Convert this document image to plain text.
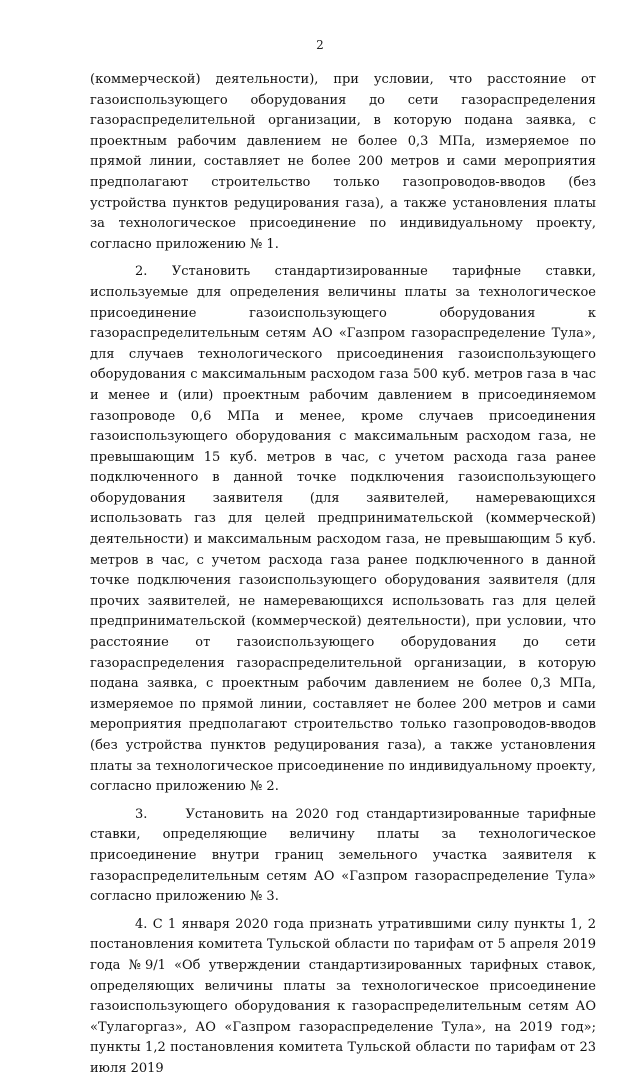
2

(коммерческой) деятельности), при условии, что расстояние от газоиспользующего оборудования до сети газораспределения газораспределительной организации, в которую подана заявка, с проектным рабочим давлением не более 0,3 МПа, измеряемое по прямой линии, составляет не более 200 метров и сами мероприятия предполагают строительство только газопроводов-вводов (без устройства пунктов редуцирования газа), а также установления платы за технологическое присоединение по индивидуальному проекту, согласно приложению № 1.

2. Установить стандартизированные тарифные ставки, используемые для определения величины платы за технологическое присоединение газоиспользующего оборудования к газораспределительным сетям АО «Газпром газораспределение Тула», для случаев технологического присоединения газоиспользующего оборудования с максимальным расходом газа 500 куб. метров газа в час и менее и (или) проектным рабочим давлением в присоединяемом газопроводе 0,6 МПа и менее, кроме случаев присоединения газоиспользующего оборудования с максимальным расходом газа, не превышающим 15 куб. метров в час, с учетом расхода газа ранее подключенного в данной точке подключения газоиспользующего оборудования заявителя (для заявителей, намеревающихся использовать газ для целей предпринимательской (коммерческой) деятельности) и максимальным расходом газа, не превышающим 5 куб. метров в час, с учетом расхода газа ранее подключенного в данной точке подключения газоиспользующего оборудования заявителя (для прочих заявителей, не намеревающихся использовать газ для целей предпринимательской (коммерческой) деятельности), при условии, что расстояние от газоиспользующего оборудования до сети газораспределения газораспределительной организации, в которую подана заявка, с проектным рабочим давлением не более 0,3 МПа, измеряемое по прямой линии, составляет не более 200 метров и сами мероприятия предполагают строительство только газопроводов-вводов (без устройства пунктов редуцирования газа), а также установления платы за технологическое присоединение по индивидуальному проекту, согласно приложению № 2.

3.     Установить на 2020 год стандартизированные тарифные ставки, определяющие величину платы за технологическое присоединение внутри границ земельного участка заявителя к газораспределительным сетям АО «Газпром газораспределение Тула» согласно приложению № 3.

4. С 1 января 2020 года признать утратившими силу пункты 1, 2 постановления комитета Тульской области по тарифам от 5 апреля 2019 года №9/1 «Об утверждении стандартизированных тарифных ставок, определяющих величины платы за технологическое присоединение газоиспользующего оборудования к газораспределительным сетям АО «Тулагоргаз», АО «Газпром газораспределение Тула», на 2019 год»; пункты 1,2 постановления комитета Тульской области по тарифам от 23 июля 2019
